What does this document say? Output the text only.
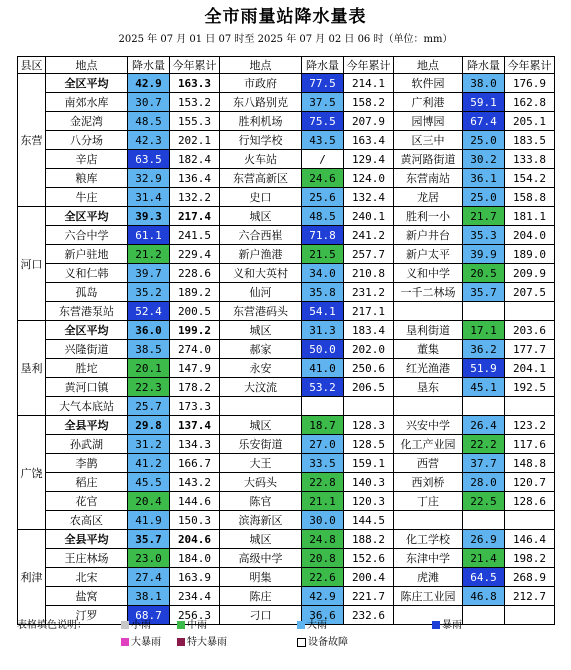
全市雨量站降水量表
2025 年 07 月 01 日 07 时至 2025 年 07 月 02 日 06 时（单位：mm）
县区	地点	降水量	今年累计	地点	降水量	今年累计	地点	降水量	今年累计
东营	全区平均	42.9	163.3	市政府	77.5	214.1	软件园	38.0	176.9
	南郊水库	30.7	153.2	东八路别克	37.5	158.2	广利港	59.1	162.8
	金泥湾	48.5	155.3	胜利机场	75.5	207.9	园博园	67.4	205.1
	八分场	42.3	202.1	行知学校	43.5	163.4	区三中	25.0	183.5
	辛店	63.5	182.4	火车站	/	129.4	黄河路街道	30.2	133.8
	粮库	32.9	136.4	东营高新区	24.6	124.0	东营南站	36.1	154.2
	牛庄	31.4	132.2	史口	25.6	132.4	龙居	25.0	158.8
河口	全区平均	39.3	217.4	城区	48.5	240.1	胜利一小	21.7	181.1
	六合中学	61.1	241.5	六合西崔	71.8	241.2	新户井台	35.3	204.0
	新户驻地	21.2	229.4	新户渔港	21.5	257.7	新户太平	39.9	189.0
	义和仁韩	39.7	228.6	义和大英村	34.0	210.8	义和中学	20.5	209.9
	孤岛	35.2	189.2	仙河	35.8	231.2	一千二林场	35.7	207.5
	东营港泵站	52.4	200.5	东营港码头	54.1	217.1			
垦利	全区平均	36.0	199.2	城区	31.3	183.4	垦利街道	17.1	203.6
	兴隆街道	38.5	274.0	郝家	50.0	202.0	董集	36.2	177.7
	胜坨	20.1	147.9	永安	41.0	250.6	红光渔港	51.9	204.1
	黄河口镇	22.3	178.2	大汶流	53.2	206.5	垦东	45.1	192.5
	大气本底站	25.7	173.3						
广饶	全县平均	29.8	137.4	城区	18.7	128.3	兴安中学	26.4	123.2
	孙武湖	31.2	134.3	乐安街道	27.0	128.5	化工产业园	22.2	117.6
	李鹊	41.2	166.7	大王	33.5	159.1	西营	37.7	148.8
	稻庄	45.5	143.2	大码头	22.8	140.3	西刘桥	28.0	120.7
	花官	20.4	144.6	陈官	21.1	120.3	丁庄	22.5	128.6
	农高区	41.9	150.3	滨海新区	30.0	144.5			
利津	全县平均	35.7	204.6	城区	24.8	188.2	化工学校	26.9	146.4
	王庄林场	23.0	184.0	高级中学	20.8	152.6	东津中学	21.4	198.2
	北宋	27.4	163.9	明集	22.6	200.4	虎滩	64.5	268.9
	盐窝	38.1	234.4	陈庄	42.9	221.7	陈庄工业园	46.8	212.7
	汀罗	68.7	256.3	刁口	36.6	232.6			
表格填色说明：	小雨	中雨	大雨	暴雨
大暴雨	特大暴雨	设备故障
